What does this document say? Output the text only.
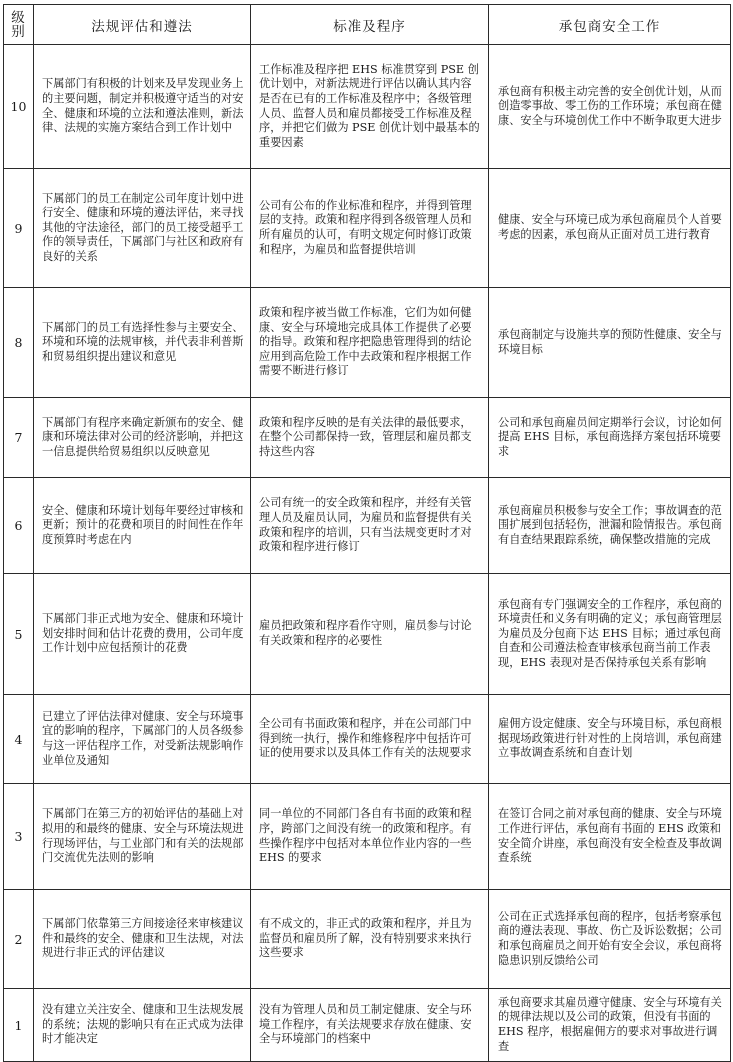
级别	法规评估和遵法	标准及程序	承包商安全工作
10	下属部门有积极的计划来及早发现业务上的主要问题，制定并积极遵守适当的对安全、健康和环境的立法和遵法准则，新法律、法规的实施方案结合到工作计划中	工作标准及程序把 EHS 标准贯穿到 PSE 创优计划中，对新法规进行评估以确认其内容是否在已有的工作标准及程序中；各级管理人员、监督人员和雇员都接受工作标准及程序，并把它们做为 PSE 创优计划中最基本的重要因素	承包商有积极主动完善的安全创优计划，从而创造零事故、零工伤的工作环境；承包商在健康、安全与环境创优工作中不断争取更大进步
9	下属部门的员工在制定公司年度计划中进行安全、健康和环境的遵法评估，来寻找其他的守法途径，部门的员工接受超乎工作的领导责任，下属部门与社区和政府有良好的关系	公司有公布的作业标准和程序，并得到管理层的支持。政策和程序得到各级管理人员和所有雇员的认可，有明文规定何时修订政策和程序，为雇员和监督提供培训	健康、安全与环境已成为承包商雇员个人首要考虑的因素，承包商从正面对员工进行教育
8	下属部门的员工有选择性参与主要安全、环境和环境的法规审核，并代表非利普斯和贸易组织提出建议和意见	政策和程序被当做工作标准，它们为如何健康、安全与环境地完成具体工作提供了必要的指导。政策和程序把隐患管理得到的结论应用到高危险工作中去政策和程序根据工作需要不断进行修订	承包商制定与设施共享的预防性健康、安全与环境目标
7	下属部门有程序来确定新颁布的安全、健康和环境法律对公司的经济影响，并把这一信息提供给贸易组织以反映意见	政策和程序反映的是有关法律的最低要求，在整个公司都保持一致，管理层和雇员都支持这些内容	公司和承包商雇员间定期举行会议，讨论如何提高 EHS 目标，承包商选择方案包括环境要求
6	安全、健康和环境计划每年要经过审核和更新；预计的花费和项目的时间性在作年度预算时考虑在内	公司有统一的安全政策和程序，并经有关管理人员及雇员认同，为雇员和监督提供有关政策和程序的培训，只有当法规变更时才对政策和程序进行修订	承包商雇员积极参与安全工作；事故调查的范围扩展到包括轻伤，泄漏和险情报告。承包商有自查结果跟踪系统，确保整改措施的完成
5	下属部门非正式地为安全、健康和环境计划安排时间和估计花费的费用，公司年度工作计划中应包括预计的花费	雇员把政策和程序看作守则，雇员参与讨论有关政策和程序的必要性	承包商有专门强调安全的工作程序，承包商的环境责任和义务有明确的定义；承包商管理层为雇员及分包商下达 EHS 目标；通过承包商自查和公司遵法检查审核承包商当前工作表现，EHS 表现对是否保持承包关系有影响
4	已建立了评估法律对健康、安全与环境事宜的影响的程序，下属部门的人员各级参与这一评估程序工作，对受新法规影响作业单位及通知	全公司有书面政策和程序，并在公司部门中得到统一执行，操作和维修程序中包括许可证的使用要求以及具体工作有关的法规要求	雇佣方设定健康、安全与环境目标，承包商根据现场政策进行针对性的上岗培训，承包商建立事故调查系统和自查计划
3	下属部门在第三方的初始评估的基础上对拟用的和最终的健康、安全与环境法规进行现场评估，与工业部门和有关的法规部门交流优先法则的影响	同一单位的不同部门各自有书面的政策和程序，跨部门之间没有统一的政策和程序。有些操作程序中包括对本单位作业内容的一些 EHS 的要求	在签订合同之前对承包商的健康、安全与环境工作进行评估，承包商有书面的 EHS 政策和安全简介讲座，承包商没有安全检查及事故调查系统
2	下属部门依靠第三方间接途径来审核建议件和最终的安全、健康和卫生法规，对法规进行非正式的评估建议	有不成文的，非正式的政策和程序，并且为监督员和雇员所了解，没有特别要求来执行这些要求	公司在正式选择承包商的程序，包括考察承包商的遵法表现、事故、伤亡及诉讼数据；公司和承包商雇员之间开始有安全会议，承包商将隐患识别反馈给公司
1	没有建立关注安全、健康和卫生法规发展的系统；法规的影响只有在正式成为法律时才能决定	没有为管理人员和员工制定健康、安全与环境工作程序，有关法规要求存放在健康、安全与环境部门的档案中	承包商要求其雇员遵守健康、安全与环境有关的规律法规以及公司的政策，但没有书面的 EHS 程序，根据雇佣方的要求对事故进行调查
